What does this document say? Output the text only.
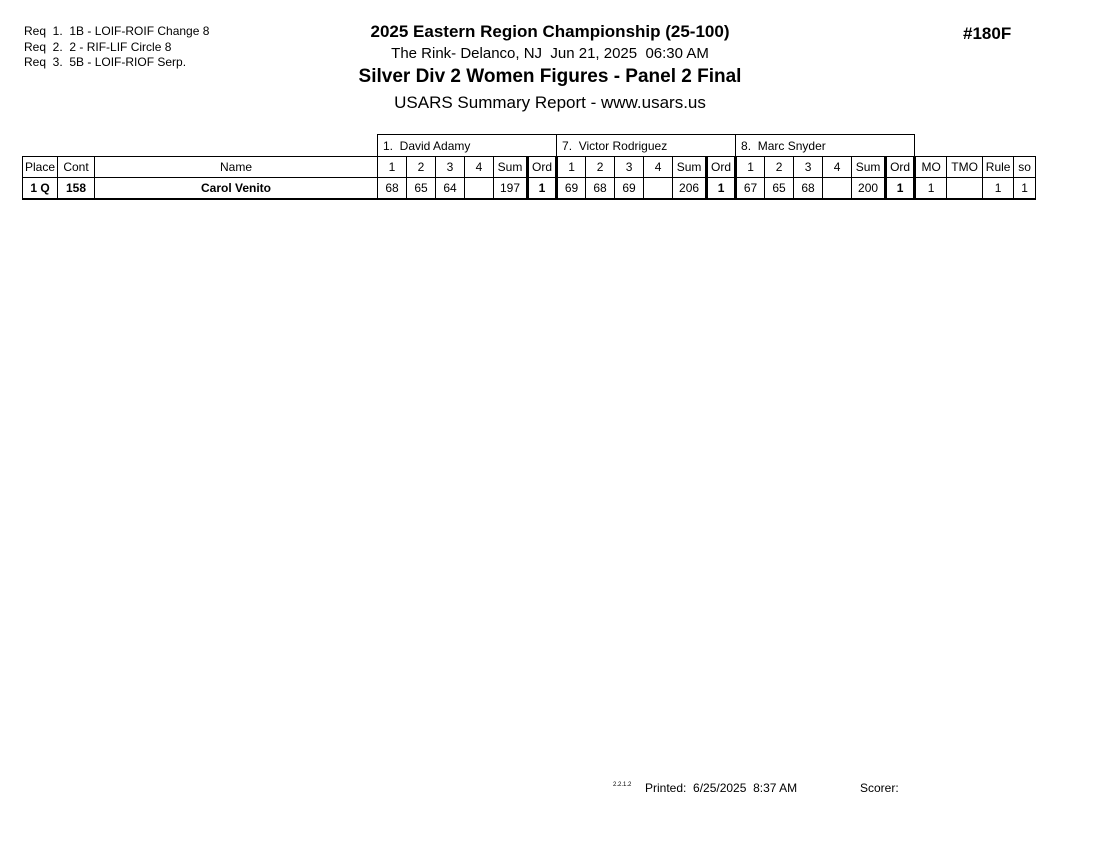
Req  1.  1B - LOIF-ROIF Change 8
Req  2.  2 - RIF-LIF Circle 8
Req  3.  5B - LOIF-RIOF Serp.
2025 Eastern Region Championship (25-100)
The Rink- Delanco, NJ  Jun 21, 2025  06:30 AM
Silver Div 2 Women Figures - Panel 2 Final
USARS Summary Report - www.usars.us
#180F
			1.  David Adamy						7.  Victor Rodriguez						8.  Marc Snyder									
Place	Cont	Name	1	2	3	4	Sum	Ord	1	2	3	4	Sum	Ord	1	2	3	4	Sum	Ord	MO	TMO	Rule	so
1 Q	158	Carol Venito	68	65	64		197	1	69	68	69		206	1	67	65	68		200	1	1		1	1
2.2.1.2 Printed:  6/25/2025  8:37 AM	Scorer:
